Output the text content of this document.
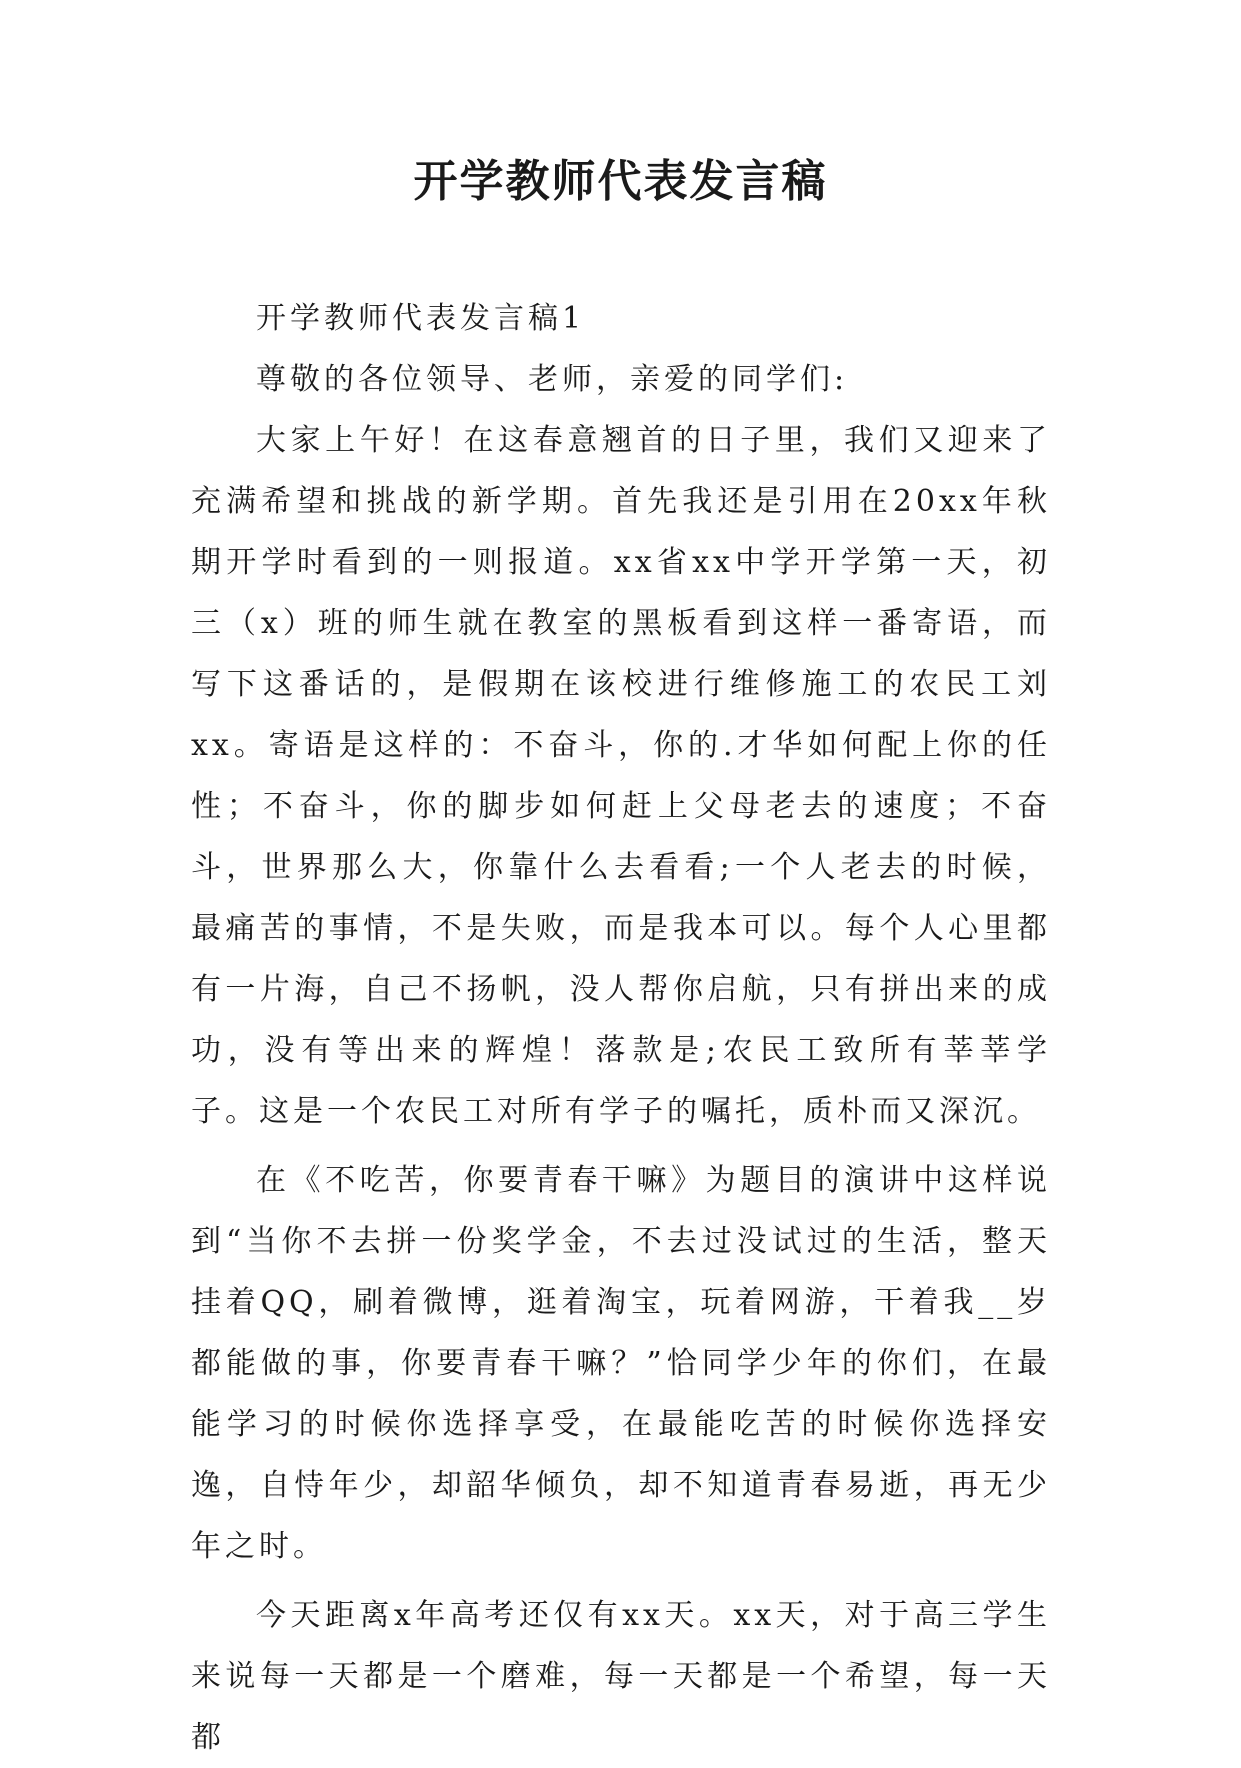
开学教师代表发言稿

开学教师代表发言稿1

尊敬的各位领导、老师，亲爱的同学们:

大家上午好！在这春意翘首的日子里，我们又迎来了充满希望和挑战的新学期。首先我还是引用在20xx年秋期开学时看到的一则报道。xx省xx中学开学第一天，初三（x）班的师生就在教室的黑板看到这样一番寄语，而写下这番话的，是假期在该校进行维修施工的农民工刘xx。寄语是这样的：不奋斗，你的.才华如何配上你的任性；不奋斗，你的脚步如何赶上父母老去的速度；不奋斗，世界那么大，你靠什么去看看;一个人老去的时候，最痛苦的事情，不是失败，而是我本可以。每个人心里都有一片海，自己不扬帆，没人帮你启航，只有拼出来的成功，没有等出来的辉煌！落款是;农民工致所有莘莘学子。这是一个农民工对所有学子的嘱托，质朴而又深沉。

在《不吃苦，你要青春干嘛》为题目的演讲中这样说到“当你不去拼一份奖学金，不去过没试过的生活，整天挂着QQ，刷着微博，逛着淘宝，玩着网游，干着我__岁都能做的事，你要青春干嘛？”恰同学少年的你们，在最能学习的时候你选择享受，在最能吃苦的时候你选择安逸，自恃年少，却韶华倾负，却不知道青春易逝，再无少年之时。

今天距离x年高考还仅有xx天。xx天，对于高三学生来说每一天都是一个磨难，每一天都是一个希望，每一天都
